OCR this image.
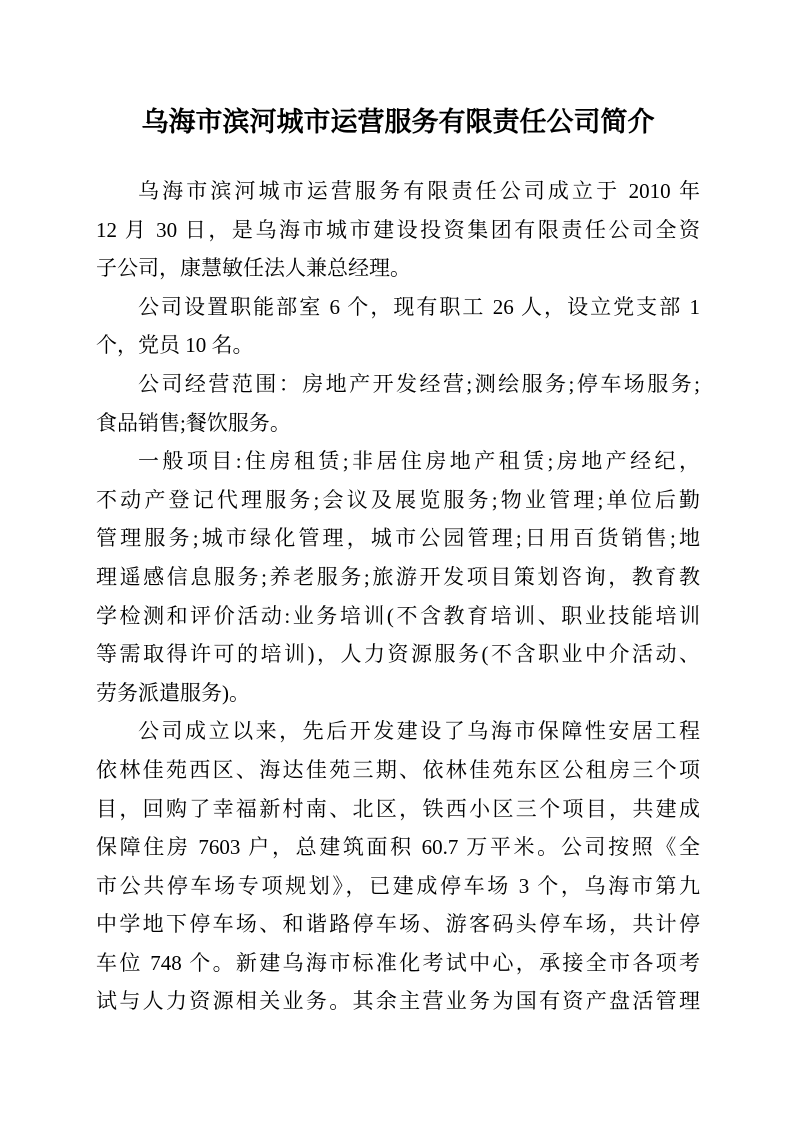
乌海市滨河城市运营服务有限责任公司简介
乌海市滨河城市运营服务有限责任公司成立于 2010 年
12 月 30 日，是乌海市城市建设投资集团有限责任公司全资
子公司，康慧敏任法人兼总经理。
公司设置职能部室 6 个，现有职工 26 人，设立党支部 1
个，党员 10 名。
公司经营范围：房地产开发经营;测绘服务;停车场服务;
食品销售;餐饮服务。
一般项目:住房租赁;非居住房地产租赁;房地产经纪，
不动产登记代理服务;会议及展览服务;物业管理;单位后勤
管理服务;城市绿化管理，城市公园管理;日用百货销售;地
理遥感信息服务;养老服务;旅游开发项目策划咨询，教育教
学检测和评价活动:业务培训(不含教育培训、职业技能培训
等需取得许可的培训)，人力资源服务(不含职业中介活动、
劳务派遣服务)。
公司成立以来，先后开发建设了乌海市保障性安居工程
依林佳苑西区、海达佳苑三期、依林佳苑东区公租房三个项
目，回购了幸福新村南、北区，铁西小区三个项目，共建成
保障住房 7603 户，总建筑面积 60.7 万平米。公司按照《全
市公共停车场专项规划》，已建成停车场 3 个，乌海市第九
中学地下停车场、和谐路停车场、游客码头停车场，共计停
车位 748 个。新建乌海市标准化考试中心，承接全市各项考
试与人力资源相关业务。其余主营业务为国有资产盘活管理
